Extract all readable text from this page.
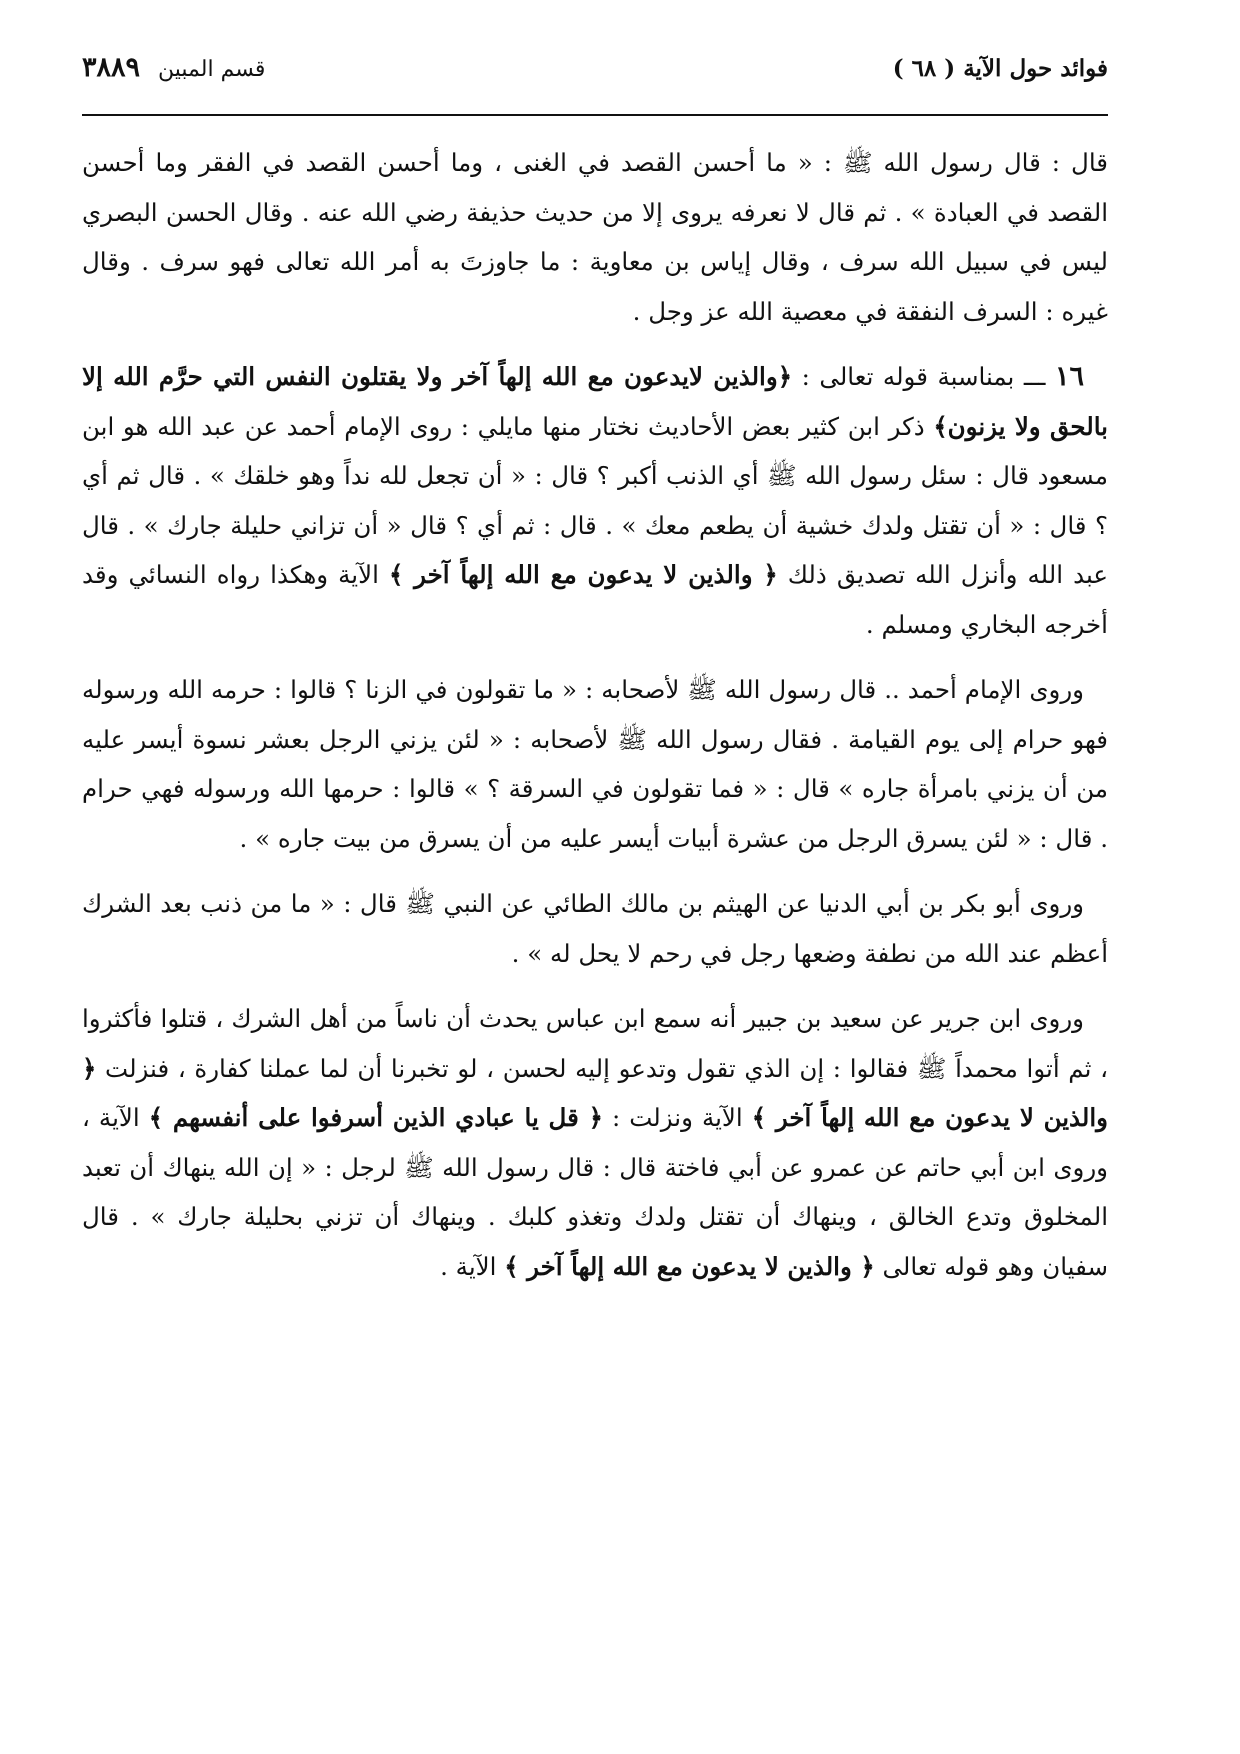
فوائد حول الآية ( ٦٨ )
قسم المبين
٣٨٨٩

قال : قال رسول الله ﷺ : « ما أحسن القصد في الغنى ، وما أحسن القصد في الفقر وما أحسن القصد في العبادة » . ثم قال لا نعرفه يروى إلا من حديث حذيفة رضي الله عنه . وقال الحسن البصري ليس في سبيل الله سرف ، وقال إياس بن معاوية : ما جاوزتَ به أمر الله تعالى فهو سرف . وقال غيره : السرف النفقة في معصية الله عز وجل .

١٦ ـــ بمناسبة قوله تعالى : ﴿والذين لايدعون مع الله إلهاً آخر ولا يقتلون النفس التي حرَّم الله إلا بالحق ولا يزنون﴾ ذكر ابن كثير بعض الأحاديث نختار منها مايلي : روى الإمام أحمد عن عبد الله هو ابن مسعود قال : سئل رسول الله ﷺ أي الذنب أكبر ؟ قال : « أن تجعل لله نداً وهو خلقك » . قال ثم أي ؟ قال : « أن تقتل ولدك خشية أن يطعم معك » . قال : ثم أي ؟ قال « أن تزاني حليلة جارك » . قال عبد الله وأنزل الله تصديق ذلك ﴿ والذين لا يدعون مع الله إلهاً آخر ﴾ الآية وهكذا رواه النسائي وقد أخرجه البخاري ومسلم .

وروى الإمام أحمد .. قال رسول الله ﷺ لأصحابه : « ما تقولون في الزنا ؟ قالوا : حرمه الله ورسوله فهو حرام إلى يوم القيامة . فقال رسول الله ﷺ لأصحابه : « لئن يزني الرجل بعشر نسوة أيسر عليه من أن يزني بامرأة جاره » قال : « فما تقولون في السرقة ؟ » قالوا : حرمها الله ورسوله فهي حرام . قال : « لئن يسرق الرجل من عشرة أبيات أيسر عليه من أن يسرق من بيت جاره » .

وروى أبو بكر بن أبي الدنيا عن الهيثم بن مالك الطائي عن النبي ﷺ قال : « ما من ذنب بعد الشرك أعظم عند الله من نطفة وضعها رجل في رحم لا يحل له » .

وروى ابن جرير عن سعيد بن جبير أنه سمع ابن عباس يحدث أن ناساً من أهل الشرك ، قتلوا فأكثروا ، ثم أتوا محمداً ﷺ فقالوا : إن الذي تقول وتدعو إليه لحسن ، لو تخبرنا أن لما عملنا كفارة ، فنزلت ﴿ والذين لا يدعون مع الله إلهاً آخر ﴾ الآية ونزلت : ﴿ قل يا عبادي الذين أسرفوا على أنفسهم ﴾ الآية ، وروى ابن أبي حاتم عن عمرو عن أبي فاختة قال : قال رسول الله ﷺ لرجل : « إن الله ينهاك أن تعبد المخلوق وتدع الخالق ، وينهاك أن تقتل ولدك وتغذو كلبك . وينهاك أن تزني بحليلة جارك » . قال سفيان وهو قوله تعالى ﴿ والذين لا يدعون مع الله إلهاً آخر ﴾ الآية .
